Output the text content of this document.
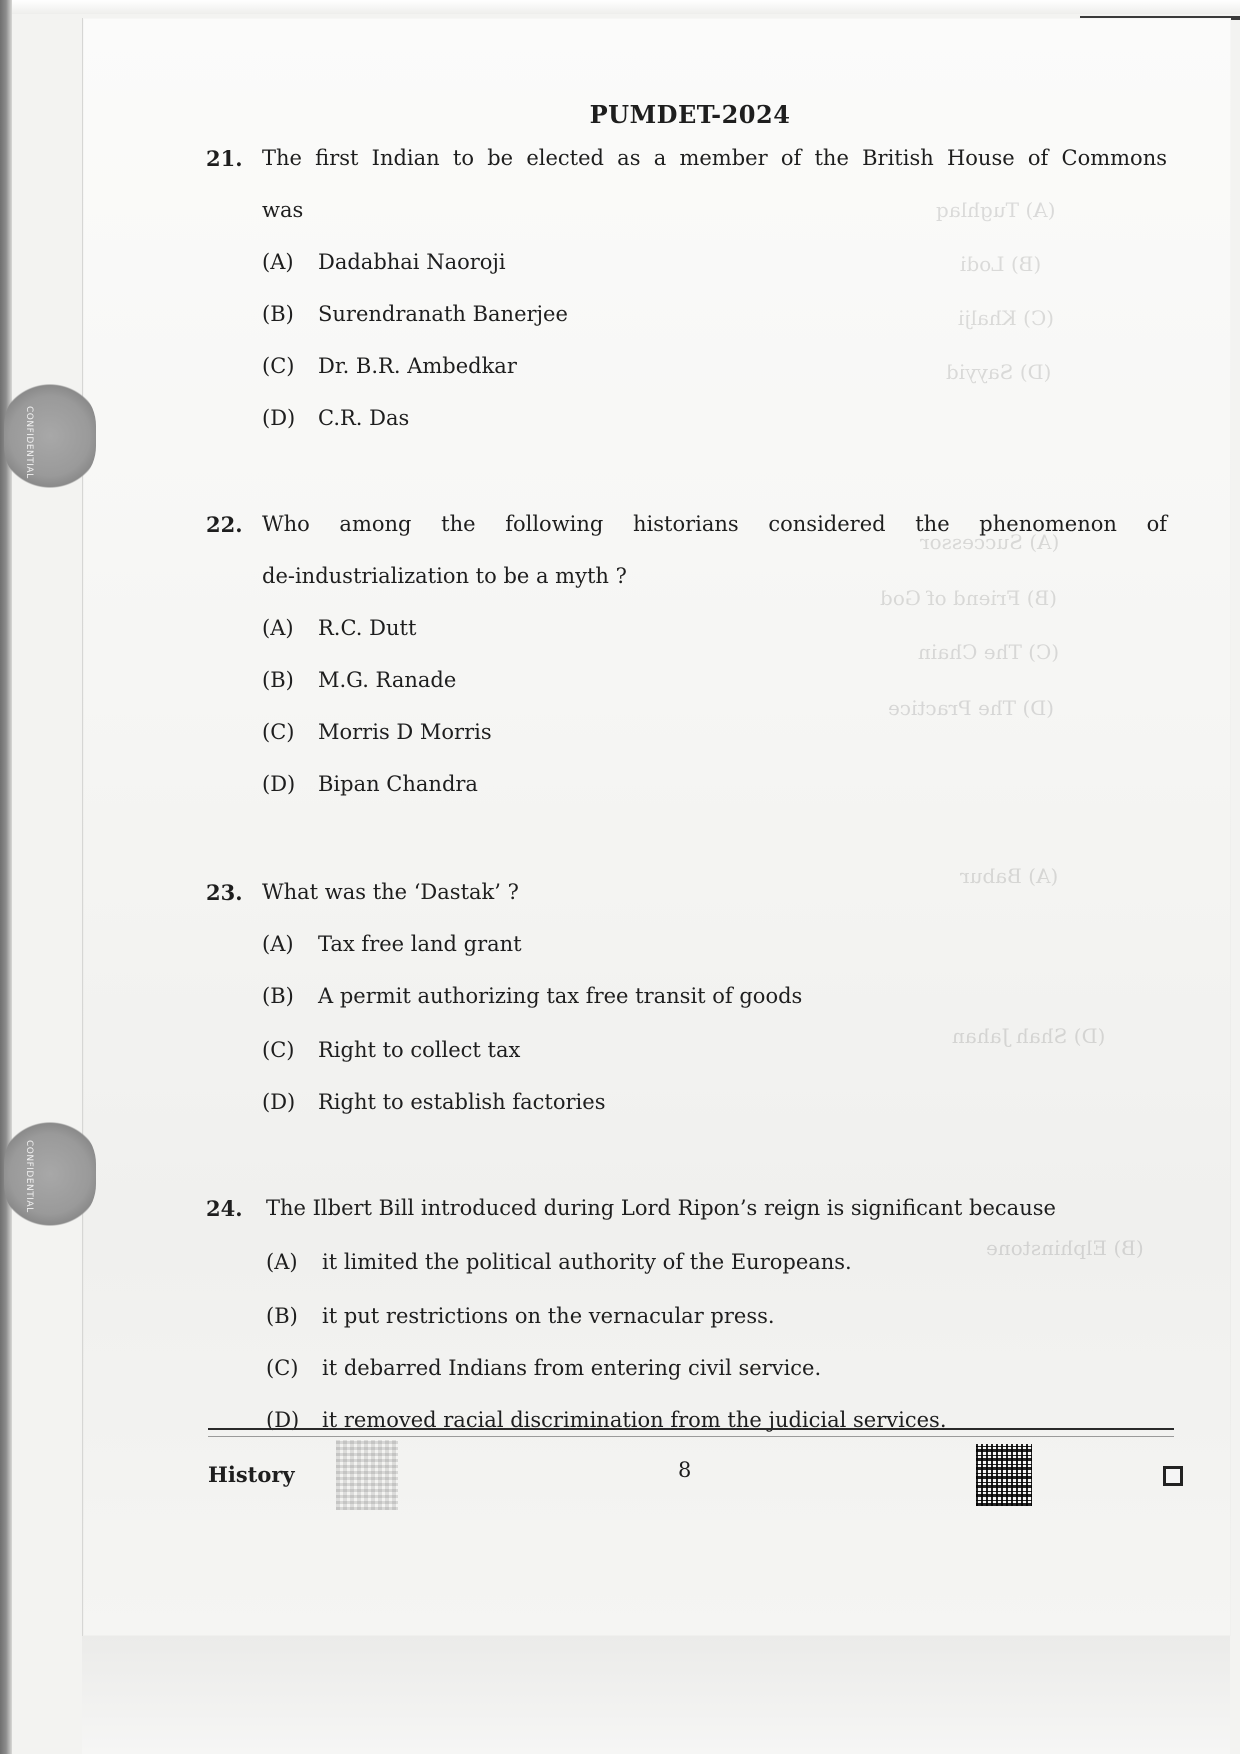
(A) Tughlaq
(B) Lodi
(C) Khalji
(D) Sayyid
(A) Successor
(B) Friend of God
(C) The Chain
(D) The Practice
(A) Babur
(D) Shah Jahan
(B) Elphinstone
CONFIDENTIAL
CONFIDENTIAL
PUMDET-2024
21. The first Indian to be elected as a member of the British House of Commons
was
(A) Dadabhai Naoroji
(B) Surendranath Banerjee
(C) Dr. B.R. Ambedkar
(D) C.R. Das
22. Who among the following historians considered the phenomenon of
de-industrialization to be a myth ?
(A) R.C. Dutt
(B) M.G. Ranade
(C) Morris D Morris
(D) Bipan Chandra
23. What was the ‘Dastak’ ?
(A) Tax free land grant
(B) A permit authorizing tax free transit of goods
(C) Right to collect tax
(D) Right to establish factories
24. The Ilbert Bill introduced during Lord Ripon’s reign is significant because
(A) it limited the political authority of the Europeans.
(B) it put restrictions on the vernacular press.
(C) it debarred Indians from entering civil service.
(D) it removed racial discrimination from the judicial services.
History	8
